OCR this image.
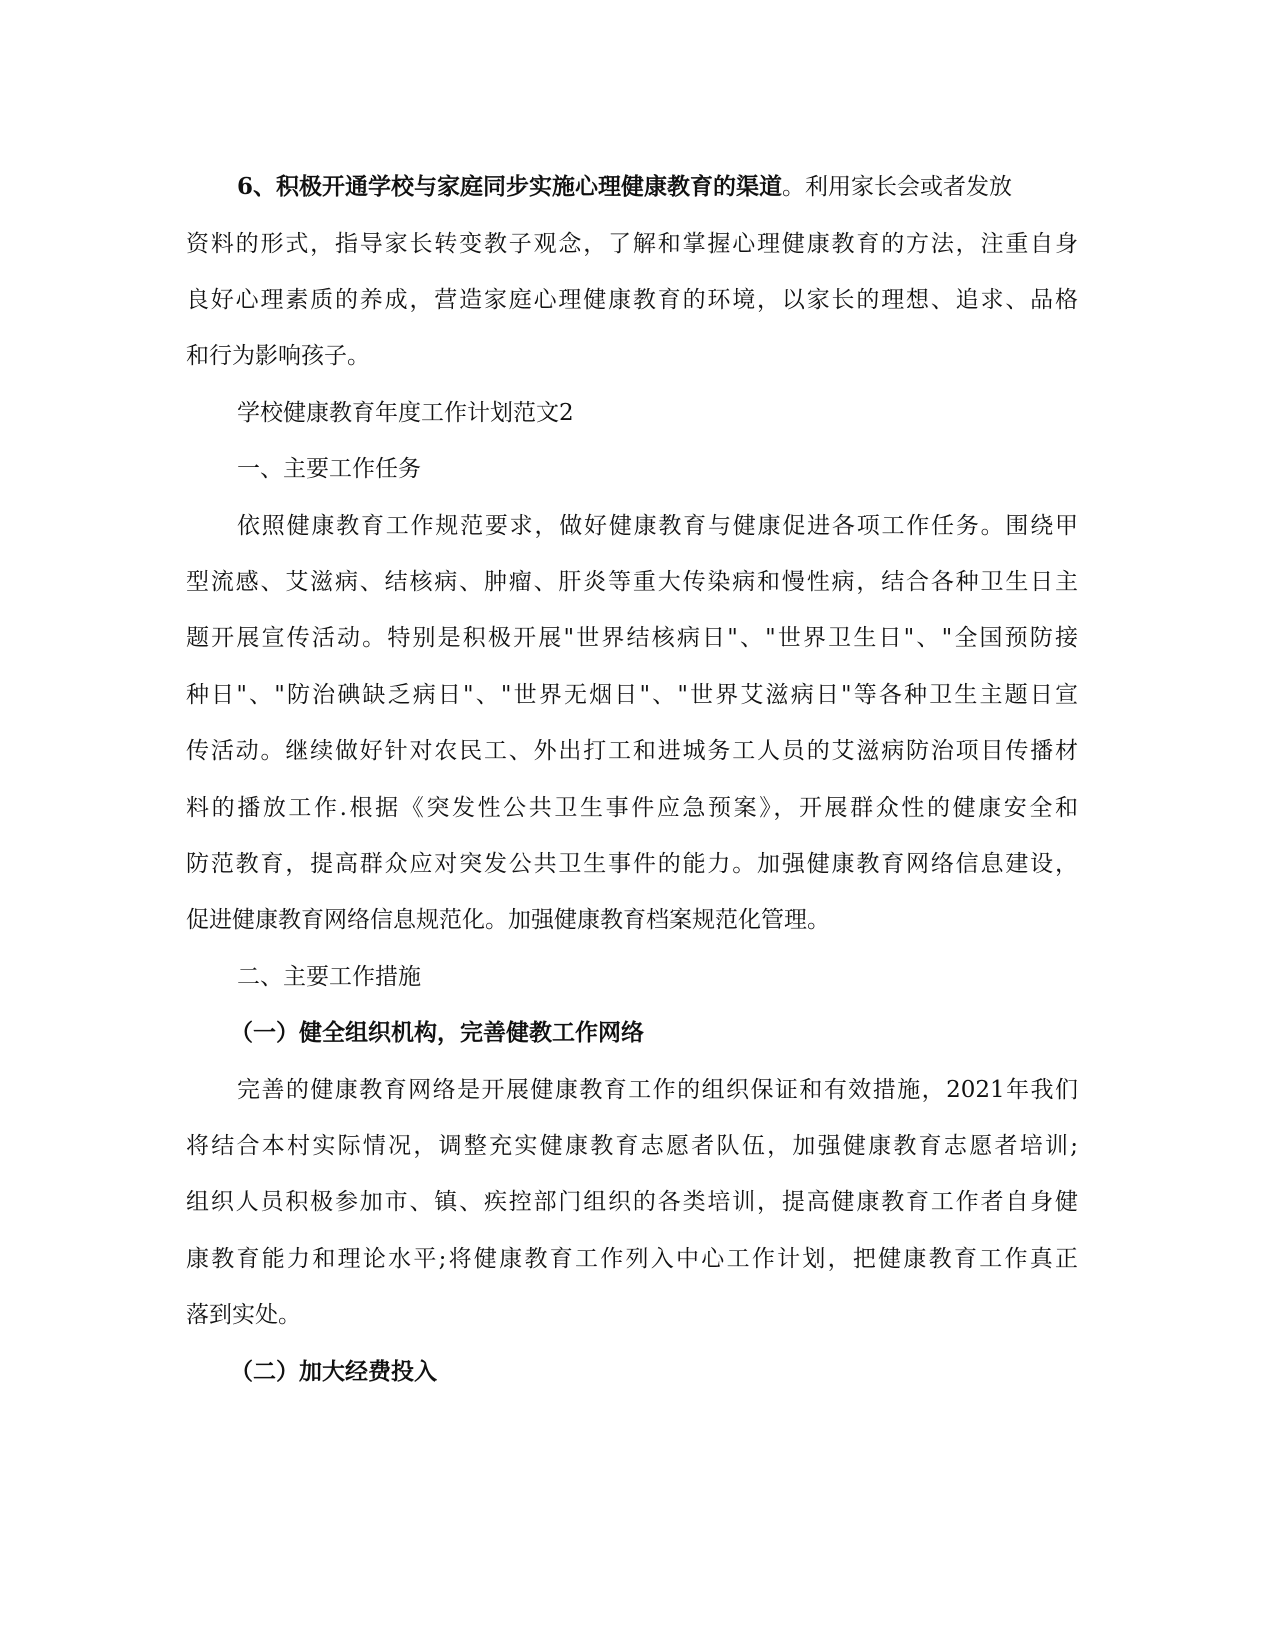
6、积极开通学校与家庭同步实施心理健康教育的渠道。利用家长会或者发放
资料的形式，指导家长转变教子观念，了解和掌握心理健康教育的方法，注重自身
良好心理素质的养成，营造家庭心理健康教育的环境，以家长的理想、追求、品格
和行为影响孩子。
学校健康教育年度工作计划范文2
一、主要工作任务
依照健康教育工作规范要求，做好健康教育与健康促进各项工作任务。围绕甲
型流感、艾滋病、结核病、肿瘤、肝炎等重大传染病和慢性病，结合各种卫生日主
题开展宣传活动。特别是积极开展"世界结核病日"、"世界卫生日"、"全国预防接
种日"、"防治碘缺乏病日"、"世界无烟日"、"世界艾滋病日"等各种卫生主题日宣
传活动。继续做好针对农民工、外出打工和进城务工人员的艾滋病防治项目传播材
料的播放工作.根据《突发性公共卫生事件应急预案》，开展群众性的健康安全和
防范教育，提高群众应对突发公共卫生事件的能力。加强健康教育网络信息建设，
促进健康教育网络信息规范化。加强健康教育档案规范化管理。
二、主要工作措施
（一）健全组织机构，完善健教工作网络
完善的健康教育网络是开展健康教育工作的组织保证和有效措施，2021年我们
将结合本村实际情况，调整充实健康教育志愿者队伍，加强健康教育志愿者培训;
组织人员积极参加市、镇、疾控部门组织的各类培训，提高健康教育工作者自身健
康教育能力和理论水平;将健康教育工作列入中心工作计划，把健康教育工作真正
落到实处。
（二）加大经费投入
